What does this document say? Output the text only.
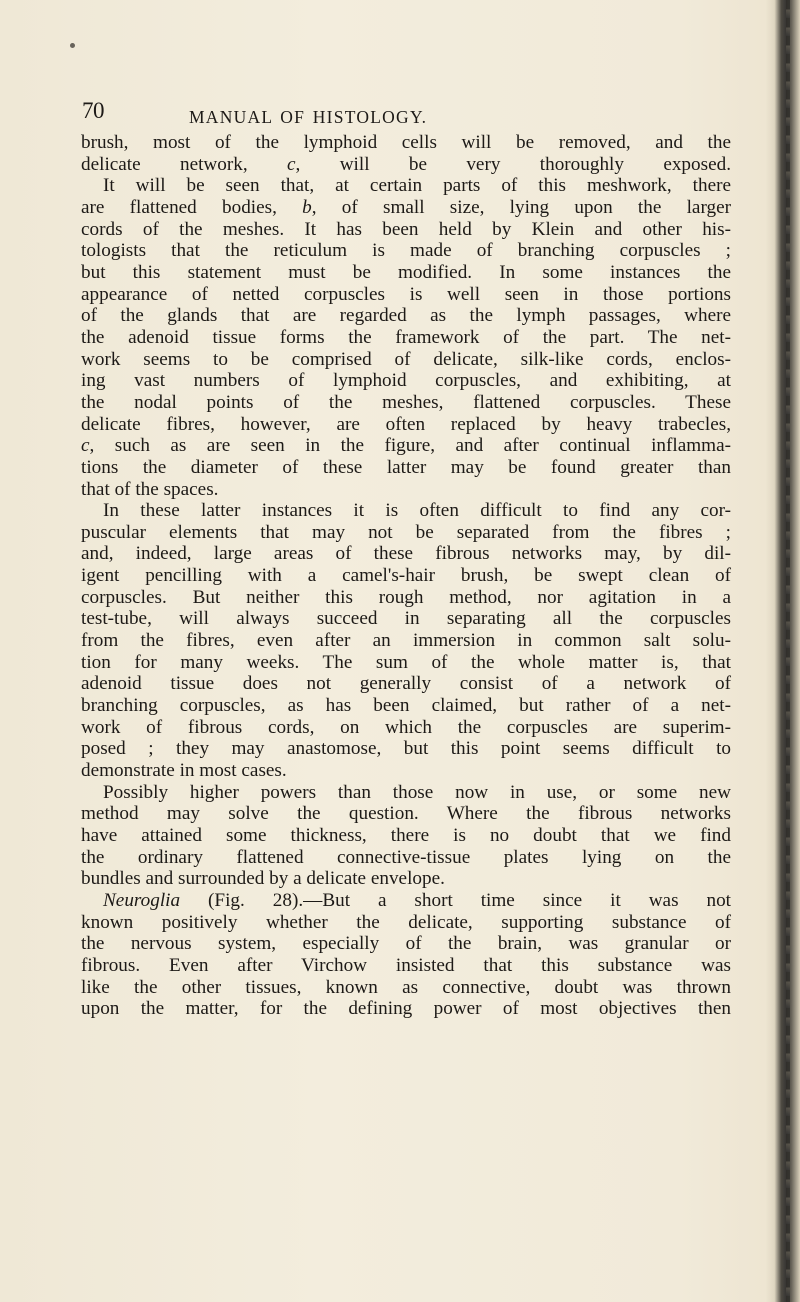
70	MANUAL OF HISTOLOGY.
brush, most of the lymphoid cells will be removed, and the
delicate network, c, will be very thoroughly exposed.
It will be seen that, at certain parts of this meshwork, there
are flattened bodies, b, of small size, lying upon the larger
cords of the meshes. It has been held by Klein and other his-
tologists that the reticulum is made of branching corpuscles ;
but this statement must be modified. In some instances the
appearance of netted corpuscles is well seen in those portions
of the glands that are regarded as the lymph passages, where
the adenoid tissue forms the framework of the part. The net-
work seems to be comprised of delicate, silk-like cords, enclos-
ing vast numbers of lymphoid corpuscles, and exhibiting, at
the nodal points of the meshes, flattened corpuscles. These
delicate fibres, however, are often replaced by heavy trabecles,
c, such as are seen in the figure, and after continual inflamma-
tions the diameter of these latter may be found greater than
that of the spaces.
In these latter instances it is often difficult to find any cor-
puscular elements that may not be separated from the fibres ;
and, indeed, large areas of these fibrous networks may, by dil-
igent pencilling with a camel's-hair brush, be swept clean of
corpuscles. But neither this rough method, nor agitation in a
test-tube, will always succeed in separating all the corpuscles
from the fibres, even after an immersion in common salt solu-
tion for many weeks. The sum of the whole matter is, that
adenoid tissue does not generally consist of a network of
branching corpuscles, as has been claimed, but rather of a net-
work of fibrous cords, on which the corpuscles are superim-
posed ; they may anastomose, but this point seems difficult to
demonstrate in most cases.
Possibly higher powers than those now in use, or some new
method may solve the question. Where the fibrous networks
have attained some thickness, there is no doubt that we find
the ordinary flattened connective-tissue plates lying on the
bundles and surrounded by a delicate envelope.
Neuroglia (Fig. 28).—But a short time since it was not
known positively whether the delicate, supporting substance of
the nervous system, especially of the brain, was granular or
fibrous. Even after Virchow insisted that this substance was
like the other tissues, known as connective, doubt was thrown
upon the matter, for the defining power of most objectives then
